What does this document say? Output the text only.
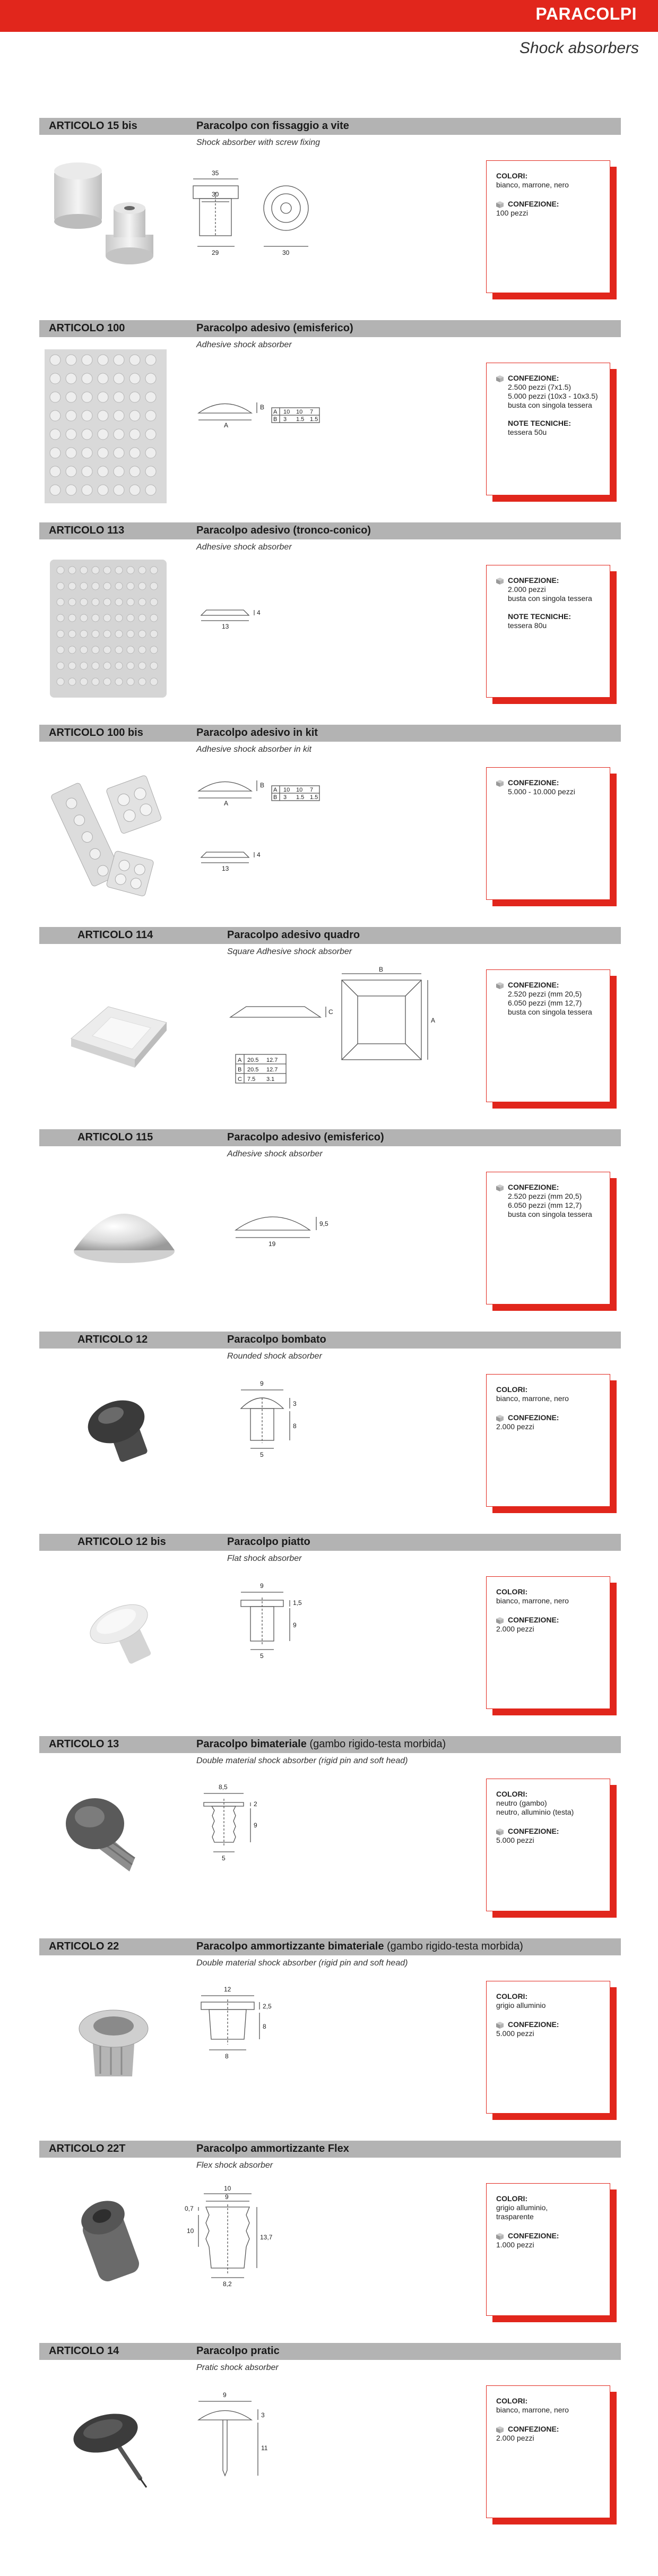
PARACOLPI
Shock absorbers
ARTICOLO 15 bis	Paracolpo con fissaggio a vite
Shock absorber with screw fixing
35
30
29	30
COLORI:
bianco, marrone, nero
CONFEZIONE:
100 pezzi
ARTICOLO 100	Paracolpo adesivo (emisferico)
Adhesive shock absorber
A
B
A 10 10 7
B 3 1.5 1.5
CONFEZIONE:
2.500 pezzi (7x1.5)
5.000 pezzi (10x3 - 10x3.5)
busta con singola tessera
NOTE TECNICHE:
tessera 50u
ARTICOLO 113	Paracolpo adesivo (tronco-conico)
Adhesive shock absorber
13
4
CONFEZIONE:
2.000 pezzi
busta con singola tessera
NOTE TECNICHE:
tessera 80u
ARTICOLO 100 bis	Paracolpo adesivo in kit
Adhesive shock absorber in kit
A
B
13
4
A 10 10 7
B 3 1.5 1.5
CONFEZIONE:
5.000 - 10.000 pezzi
ARTICOLO 114	Paracolpo adesivo quadro
Square Adhesive shock absorber
B
A
C
A 20.5 12.7
B 20.5 12.7
C 7.5 3.1
CONFEZIONE:
2.520 pezzi (mm 20,5)
6.050 pezzi (mm 12,7)
busta con singola tessera
ARTICOLO 115	Paracolpo adesivo (emisferico)
Adhesive shock absorber
19
9,5
CONFEZIONE:
2.520 pezzi (mm 20,5)
6.050 pezzi (mm 12,7)
busta con singola tessera
ARTICOLO 12	Paracolpo bombato
Rounded shock absorber
9
3
8
5
COLORI:
bianco, marrone, nero
CONFEZIONE:
2.000 pezzi
ARTICOLO 12 bis	Paracolpo piatto
Flat shock absorber
9
1,5
9
5
COLORI:
bianco, marrone, nero
CONFEZIONE:
2.000 pezzi
ARTICOLO 13	Paracolpo bimateriale (gambo rigido-testa morbida)
Double material shock absorber (rigid pin and soft head)
8,5
2
9
5
COLORI:
neutro (gambo)
neutro, alluminio (testa)
CONFEZIONE:
5.000 pezzi
ARTICOLO 22	Paracolpo ammortizzante bimateriale (gambo rigido-testa morbida)
Double material shock absorber (rigid pin and soft head)
12
2,5
8
8
COLORI:
grigio alluminio
CONFEZIONE:
5.000 pezzi
ARTICOLO 22T	Paracolpo ammortizzante Flex
Flex shock absorber
10
9
0,7
10
13,7
8,2
COLORI:
grigio alluminio,
trasparente
CONFEZIONE:
1.000 pezzi
ARTICOLO 14	Paracolpo pratic
Pratic shock absorber
9
3
11
COLORI:
bianco, marrone, nero
CONFEZIONE:
2.000 pezzi
